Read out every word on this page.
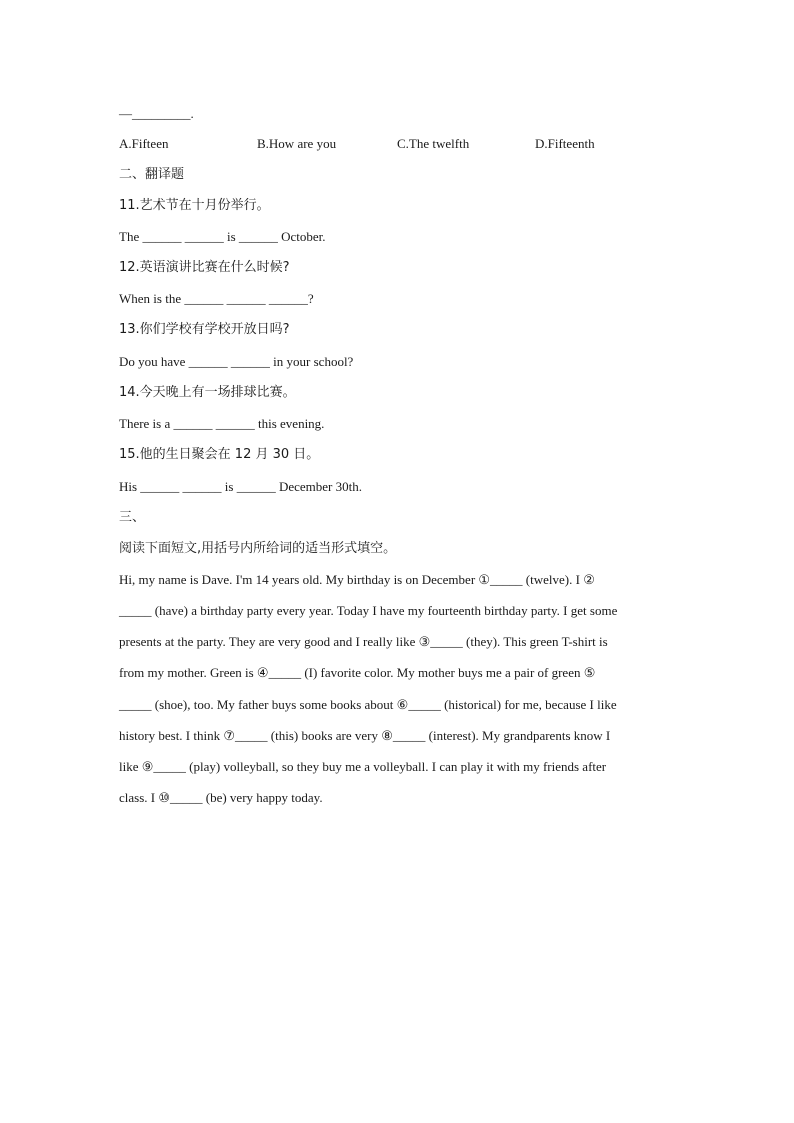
—_________.
A.Fifteen	B.How are you	C.The twelfth	D.Fifteenth
二、翻译题
11.艺术节在十月份举行。
The ______ ______ is ______ October.
12.英语演讲比赛在什么时候?
When is the ______ ______ ______?
13.你们学校有学校开放日吗?
Do you have ______ ______ in your school?
14.今天晚上有一场排球比赛。
There is a ______ ______ this evening.
15.他的生日聚会在 12 月 30 日。
His ______ ______ is ______ December 30th.
三、
阅读下面短文,用括号内所给词的适当形式填空。
Hi, my name is Dave. I'm 14 years old. My birthday is on December ①_____ (twelve). I ②
_____ (have) a birthday party every year. Today I have my fourteenth birthday party. I get some
presents at the party. They are very good and I really like ③_____ (they). This green T-shirt is
from my mother. Green is ④_____ (I) favorite color. My mother buys me a pair of green ⑤
_____ (shoe), too. My father buys some books about ⑥_____ (historical) for me, because I like
history best. I think ⑦_____ (this) books are very ⑧_____ (interest). My grandparents know I
like ⑨_____ (play) volleyball, so they buy me a volleyball. I can play it with my friends after
class. I ⑩_____ (be) very happy today.
